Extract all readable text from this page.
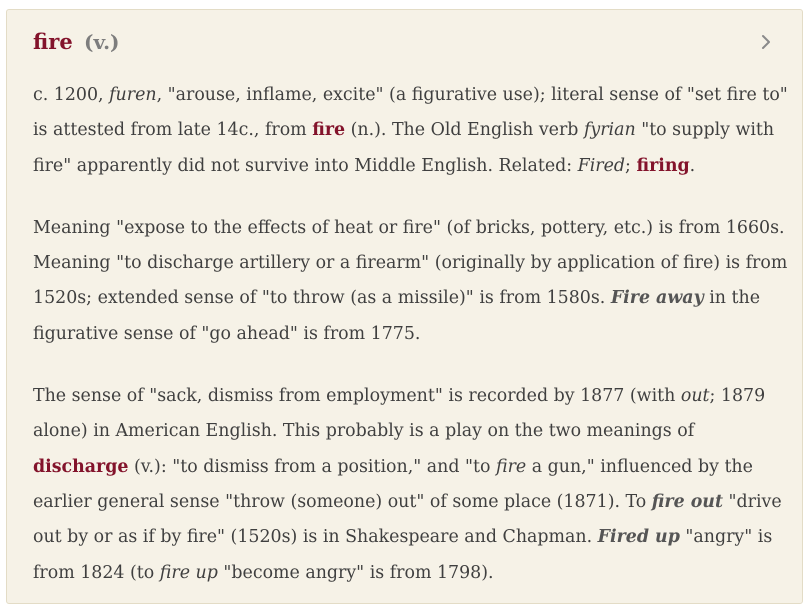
fire (v.)

c. 1200, furen, "arouse, inflame, excite" (a figurative use); literal sense of "set fire to"
is attested from late 14c., from fire (n.). The Old English verb fyrian "to supply with
fire" apparently did not survive into Middle English. Related: Fired; firing.

Meaning "expose to the effects of heat or fire" (of bricks, pottery, etc.) is from 1660s.
Meaning "to discharge artillery or a firearm" (originally by application of fire) is from
1520s; extended sense of "to throw (as a missile)" is from 1580s. Fire away in the
figurative sense of "go ahead" is from 1775.

The sense of "sack, dismiss from employment" is recorded by 1877 (with out; 1879
alone) in American English. This probably is a play on the two meanings of
discharge (v.): "to dismiss from a position," and "to fire a gun," influenced by the
earlier general sense "throw (someone) out" of some place (1871). To fire out "drive
out by or as if by fire" (1520s) is in Shakespeare and Chapman. Fired up "angry" is
from 1824 (to fire up "become angry" is from 1798).
